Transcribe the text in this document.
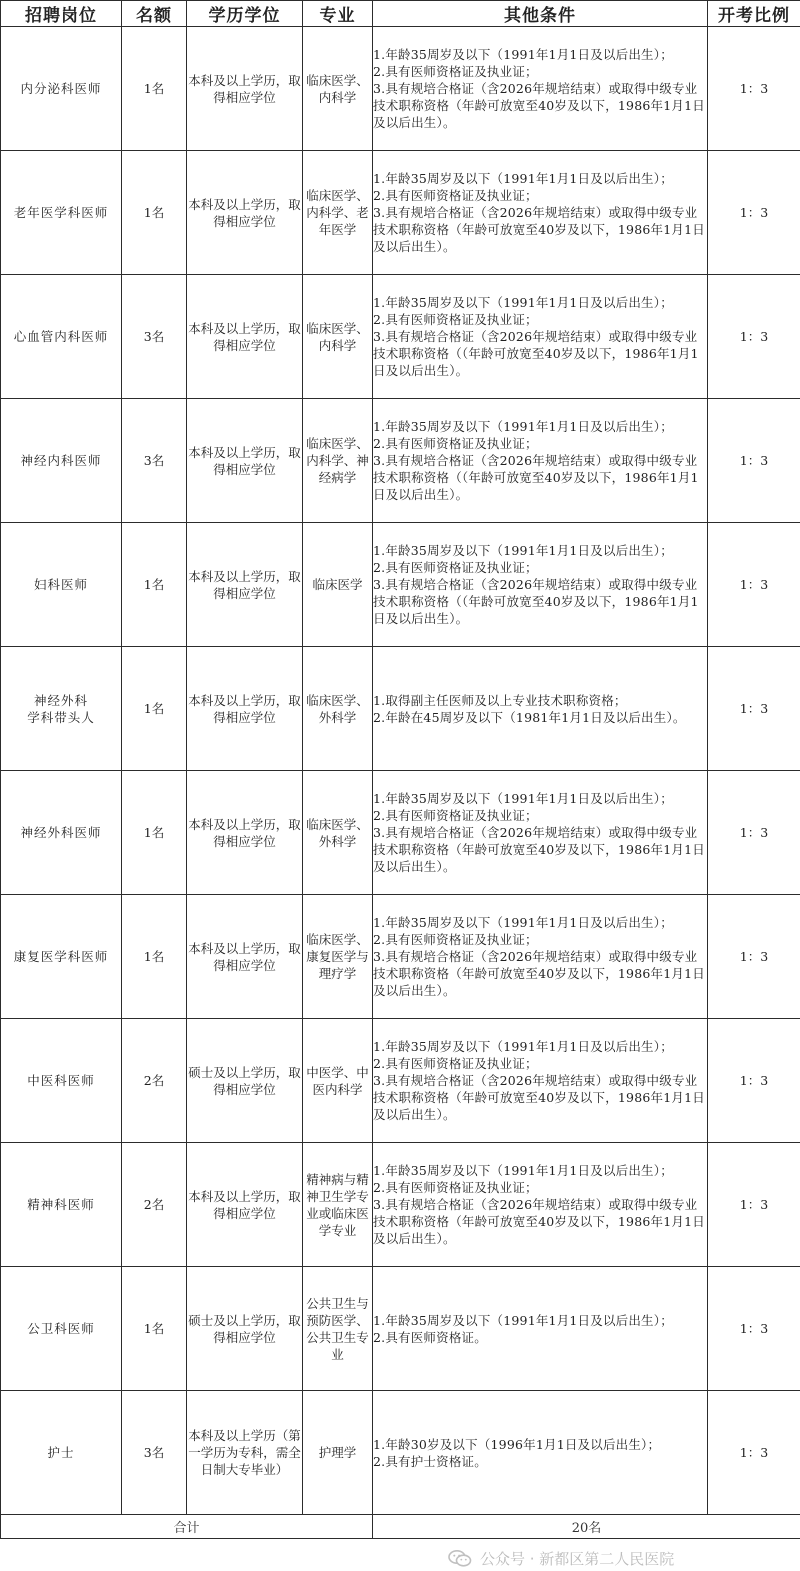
招聘岗位	名额	学历学位	专业	其他条件	开考比例

内分泌科医师	1名	本科及以上学历，取得相应学位	临床医学、内科学	1.年龄35周岁及以下（1991年1月1日及以后出生）；
2.具有医师资格证及执业证；
3.具有规培合格证（含2026年规培结束）或取得中级专业技术职称资格（年龄可放宽至40岁及以下，1986年1月1日及以后出生）。	1：3

老年医学科医师	1名	本科及以上学历，取得相应学位	临床医学、内科学、老年医学	1.年龄35周岁及以下（1991年1月1日及以后出生）；
2.具有医师资格证及执业证；
3.具有规培合格证（含2026年规培结束）或取得中级专业技术职称资格（年龄可放宽至40岁及以下，1986年1月1日及以后出生）。	1：3

心血管内科医师	3名	本科及以上学历，取得相应学位	临床医学、内科学	1.年龄35周岁及以下（1991年1月1日及以后出生）；
2.具有医师资格证及执业证；
3.具有规培合格证（含2026年规培结束）或取得中级专业技术职称资格（（年龄可放宽至40岁及以下，1986年1月1日及以后出生）。	1：3

神经内科医师	3名	本科及以上学历，取得相应学位	临床医学、内科学、神经病学	1.年龄35周岁及以下（1991年1月1日及以后出生）；
2.具有医师资格证及执业证；
3.具有规培合格证（含2026年规培结束）或取得中级专业技术职称资格（（年龄可放宽至40岁及以下，1986年1月1日及以后出生）。	1：3

妇科医师	1名	本科及以上学历，取得相应学位	临床医学	1.年龄35周岁及以下（1991年1月1日及以后出生）；
2.具有医师资格证及执业证；
3.具有规培合格证（含2026年规培结束）或取得中级专业技术职称资格（（年龄可放宽至40岁及以下，1986年1月1日及以后出生）。	1：3

神经外科
学科带头人	1名	本科及以上学历，取得相应学位	临床医学、外科学	1.取得副主任医师及以上专业技术职称资格；
2.年龄在45周岁及以下（1981年1月1日及以后出生）。	1：3

神经外科医师	1名	本科及以上学历，取得相应学位	临床医学、外科学	1.年龄35周岁及以下（1991年1月1日及以后出生）；
2.具有医师资格证及执业证；
3.具有规培合格证（含2026年规培结束）或取得中级专业技术职称资格（年龄可放宽至40岁及以下，1986年1月1日及以后出生）。	1：3

康复医学科医师	1名	本科及以上学历，取得相应学位	临床医学、康复医学与理疗学	1.年龄35周岁及以下（1991年1月1日及以后出生）；
2.具有医师资格证及执业证；
3.具有规培合格证（含2026年规培结束）或取得中级专业技术职称资格（年龄可放宽至40岁及以下，1986年1月1日及以后出生）。	1：3

中医科医师	2名	硕士及以上学历，取得相应学位	中医学、中医内科学	1.年龄35周岁及以下（1991年1月1日及以后出生）；
2.具有医师资格证及执业证；
3.具有规培合格证（含2026年规培结束）或取得中级专业技术职称资格（年龄可放宽至40岁及以下，1986年1月1日及以后出生）。	1：3

精神科医师	2名	本科及以上学历，取得相应学位	精神病与精神卫生学专业或临床医学专业	1.年龄35周岁及以下（1991年1月1日及以后出生）；
2.具有医师资格证及执业证；
3.具有规培合格证（含2026年规培结束）或取得中级专业技术职称资格（年龄可放宽至40岁及以下，1986年1月1日及以后出生）。	1：3

公卫科医师	1名	硕士及以上学历，取得相应学位	公共卫生与预防医学、公共卫生专业	1.年龄35周岁及以下（1991年1月1日及以后出生）；
2.具有医师资格证。	1：3

护士	3名	本科及以上学历（第一学历为专科，需全日制大专毕业）	护理学	1.年龄30岁及以下（1996年1月1日及以后出生）；
2.具有护士资格证。	1：3
合计				20名	
公众号 · 新都区第二人民医院
